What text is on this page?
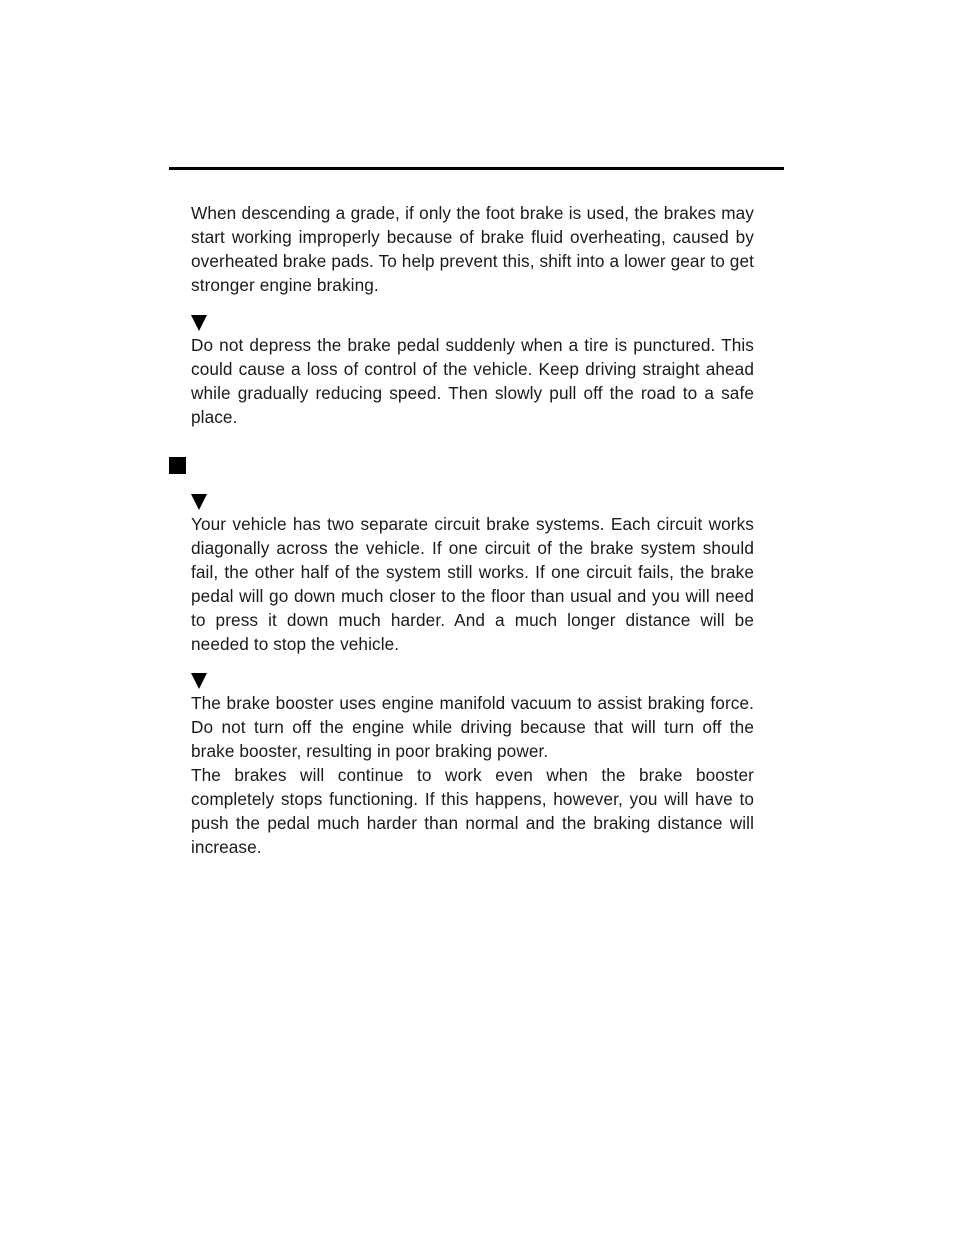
When descending a grade, if only the foot brake is used, the brakes may start working improperly because of brake fluid overheating, caused by overheated brake pads. To help prevent this, shift into a lower gear to get stronger engine braking.

Do not depress the brake pedal suddenly when a tire is punctured. This could cause a loss of control of the vehicle. Keep driving straight ahead while gradually reducing speed. Then slowly pull off the road to a safe place.

Your vehicle has two separate circuit brake systems. Each circuit works diagonally across the vehicle. If one circuit of the brake system should fail, the other half of the system still works. If one circuit fails, the brake pedal will go down much closer to the floor than usual and you will need to press it down much harder. And a much longer distance will be needed to stop the vehicle.

The brake booster uses engine manifold vacuum to assist braking force. Do not turn off the engine while driving because that will turn off the brake booster, resulting in poor braking power.

The brakes will continue to work even when the brake booster completely stops functioning. If this happens, however, you will have to push the pedal much harder than normal and the braking distance will increase.
